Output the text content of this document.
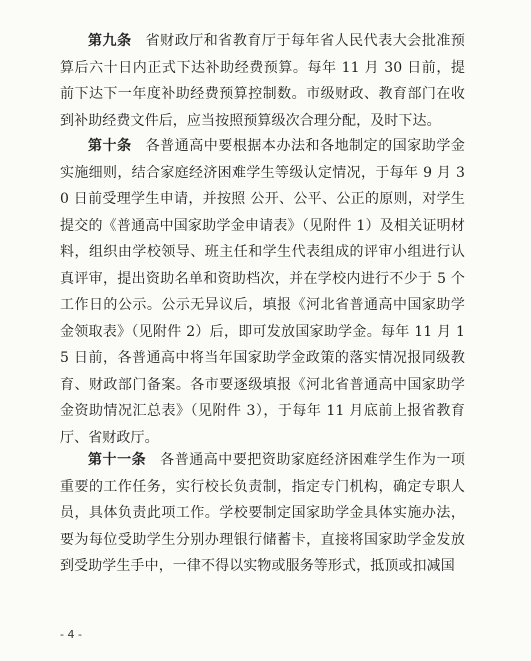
第九条 省财政厅和省教育厅于每年省人民代表大会批准预算后六十日内正式下达补助经费预算。每年 11 月 30 日前，提前下达下一年度补助经费预算控制数。市级财政、教育部门在收到补助经费文件后，应当按照预算级次合理分配，及时下达。

第十条 各普通高中要根据本办法和各地制定的国家助学金实施细则，结合家庭经济困难学生等级认定情况，于每年 9 月 30 日前受理学生申请，并按照 公开、公平、公正的原则，对学生提交的《普通高中国家助学金申请表》（见附件 1）及相关证明材料，组织由学校领导、班主任和学生代表组成的评审小组进行认真评审，提出资助名单和资助档次，并在学校内进行不少于 5 个工作日的公示。公示无异议后，填报《河北省普通高中国家助学金领取表》（见附件 2）后，即可发放国家助学金。每年 11 月 15 日前，各普通高中将当年国家助学金政策的落实情况报同级教育、财政部门备案。各市要逐级填报《河北省普通高中国家助学金资助情况汇总表》（见附件 3），于每年 11 月底前上报省教育厅、省财政厅。

第十一条 各普通高中要把资助家庭经济困难学生作为一项重要的工作任务，实行校长负责制，指定专门机构，确定专职人员，具体负责此项工作。学校要制定国家助学金具体实施办法，要为每位受助学生分别办理银行储蓄卡，直接将国家助学金发放到受助学生手中，一律不得以实物或服务等形式，抵顶或扣减国

- 4 -
